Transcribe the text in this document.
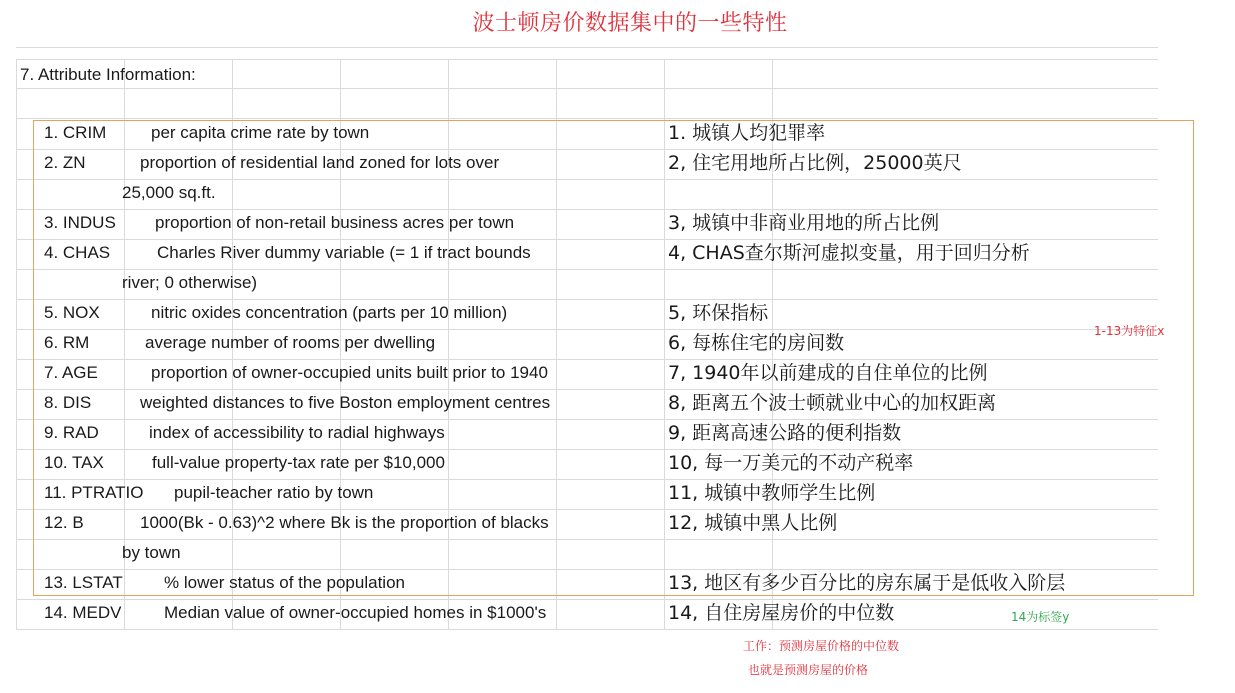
波士顿房价数据集中的一些特性
7. Attribute Information:
1. CRIM	per capita crime rate by town	1. 城镇人均犯罪率
2. ZN	proportion of residential land zoned for lots over	2, 住宅用地所占比例，25000英尺
25,000 sq.ft.
3. INDUS proportion of non-retail business acres per town	3, 城镇中非商业用地的所占比例
4. CHAS	Charles River dummy variable (= 1 if tract bounds	4, CHAS查尔斯河虚拟变量，用于回归分析
river; 0 otherwise)
5. NOX	nitric oxides concentration (parts per 10 million)	5, 环保指标
6. RM	average number of rooms per dwelling	6, 每栋住宅的房间数
7. AGE	proportion of owner-occupied units built prior to 1940	7, 1940年以前建成的自住单位的比例
8. DIS	weighted distances to five Boston employment centres	8, 距离五个波士顿就业中心的加权距离
9. RAD	index of accessibility to radial highways	9, 距离高速公路的便利指数
10. TAX	full-value property-tax rate per $10,000	10, 每一万美元的不动产税率
11. PTRATIO pupil-teacher ratio by town	11, 城镇中教师学生比例
12. B	1000(Bk - 0.63)^2 where Bk is the proportion of blacks	12, 城镇中黑人比例
by town
13. LSTAT % lower status of the population	13, 地区有多少百分比的房东属于是低收入阶层
14. MEDV	Median value of owner-occupied homes in $1000's	14, 自住房屋房价的中位数
1-13为特征x
14为标签y
工作：预测房屋价格的中位数
也就是预测房屋的价格
